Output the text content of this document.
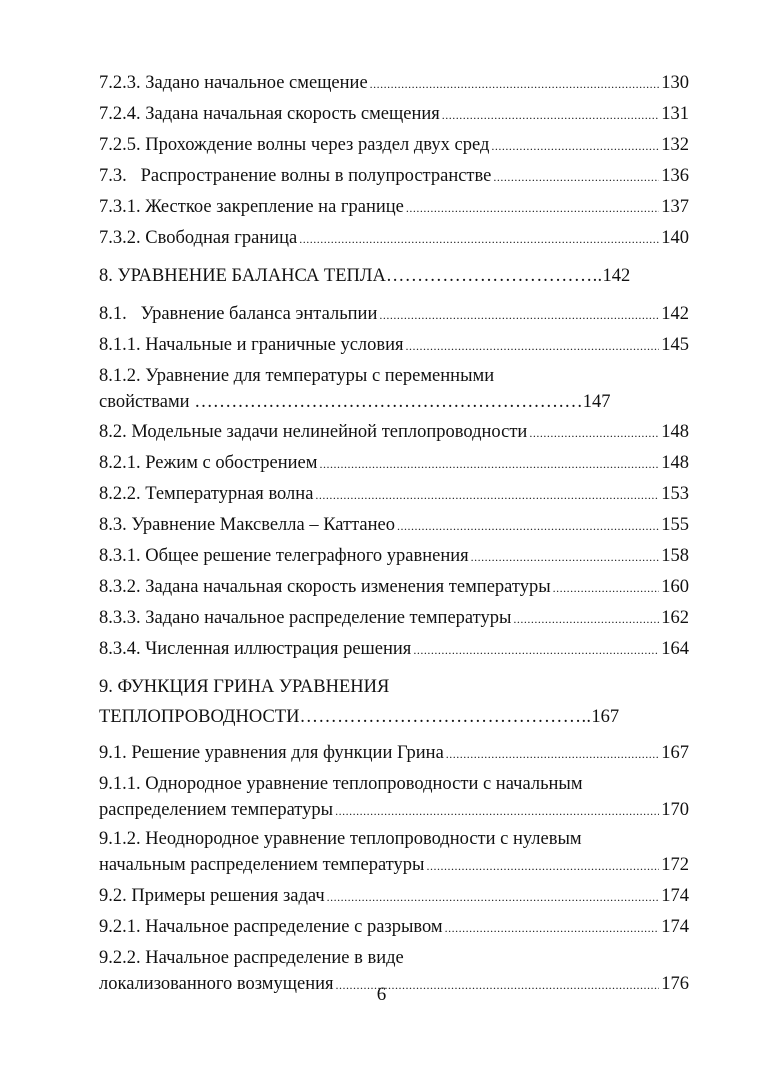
7.2.3. Задано начальное смещение .....	130
7.2.4. Задана начальная скорость смещения .....	131
7.2.5. Прохождение волны через раздел двух сред .....	132
7.3.   Распространение волны в полупространстве .....	136
7.3.1. Жесткое закрепление на границе .....	137
7.3.2. Свободная граница .....	140
8. УРАВНЕНИЕ БАЛАНСА ТЕПЛА …………………………….. 142
8.1.   Уравнение баланса энтальпии .....	142
8.1.1. Начальные и граничные условия .....	145
8.1.2. Уравнение для температуры с переменными
свойствами ……………………………………………………… 147
8.2. Модельные задачи нелинейной теплопроводности .....	148
8.2.1. Режим с обострением .....	148
8.2.2. Температурная волна .....	153
8.3. Уравнение Максвелла – Каттанео .....	155
8.3.1. Общее решение телеграфного уравнения .....	158
8.3.2. Задана начальная скорость изменения температуры .....	160
8.3.3. Задано начальное распределение температуры .....	162
8.3.4. Численная иллюстрация решения .....	164
9. ФУНКЦИЯ ГРИНА УРАВНЕНИЯ
ТЕПЛОПРОВОДНОСТИ ……………………………………….. 167
9.1. Решение уравнения для функции Грина .....	167
9.1.1. Однородное уравнение теплопроводности с начальным
распределением температуры .....	170
9.1.2. Неоднородное уравнение теплопроводности с нулевым
начальным распределением температуры .....	172
9.2. Примеры решения задач .....	174
9.2.1. Начальное распределение с разрывом .....	174
9.2.2. Начальное распределение в виде
локализованного возмущения .....	176
6
